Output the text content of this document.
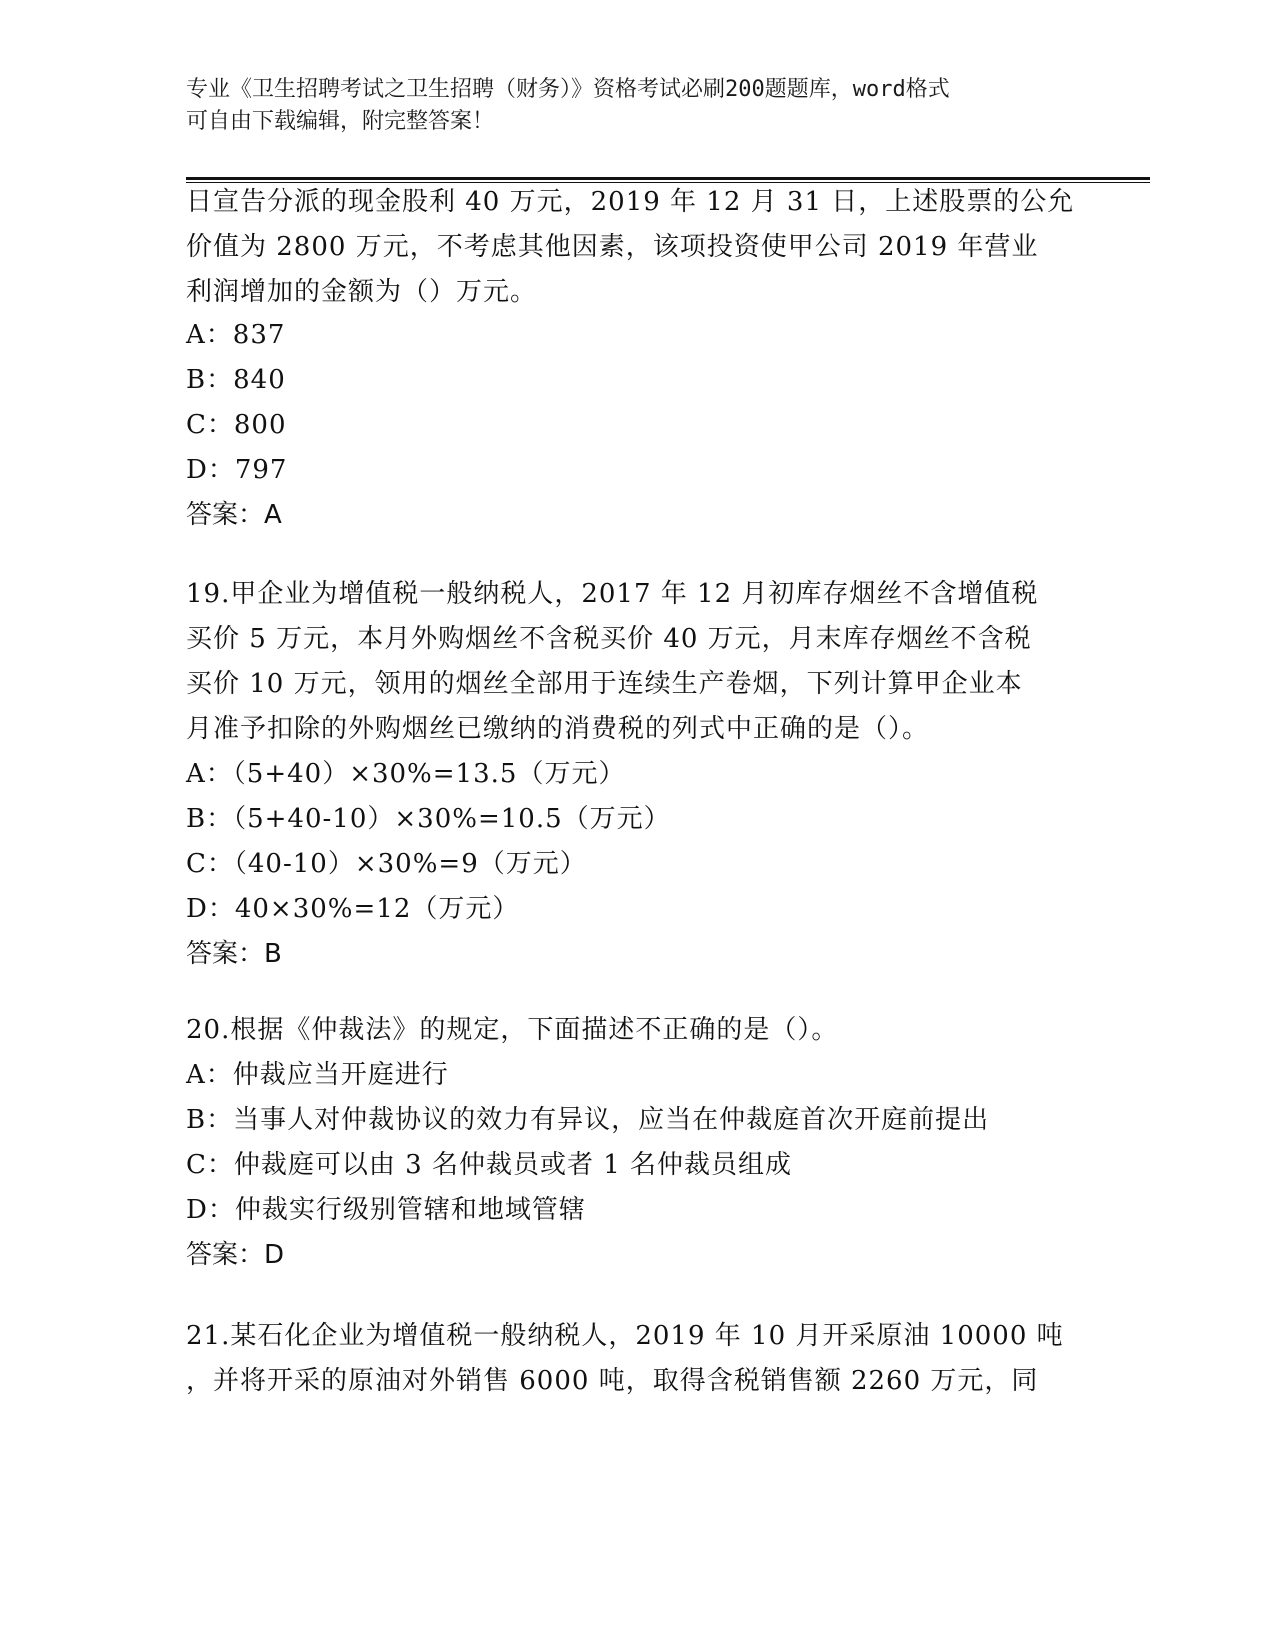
专业《卫生招聘考试之卫生招聘（财务）》资格考试必刷200题题库，word格式
可自由下载编辑，附完整答案！
日宣告分派的现金股利 40 万元，2019 年 12 月 31 日，上述股票的公允
价值为 2800 万元，不考虑其他因素，该项投资使甲公司 2019 年营业
利润增加的金额为（）万元。
A：837
B：840
C：800
D：797
答案：A
19.甲企业为增值税一般纳税人，2017 年 12 月初库存烟丝不含增值税
买价 5 万元，本月外购烟丝不含税买价 40 万元，月末库存烟丝不含税
买价 10 万元，领用的烟丝全部用于连续生产卷烟，下列计算甲企业本
月准予扣除的外购烟丝已缴纳的消费税的列式中正确的是（）。
A：（5+40）×30%=13.5（万元）
B：（5+40-10）×30%=10.5（万元）
C：（40-10）×30%=9（万元）
D：40×30%=12（万元）
答案：B
20.根据《仲裁法》的规定，下面描述不正确的是（）。
A：仲裁应当开庭进行
B：当事人对仲裁协议的效力有异议，应当在仲裁庭首次开庭前提出
C：仲裁庭可以由 3 名仲裁员或者 1 名仲裁员组成
D：仲裁实行级别管辖和地域管辖
答案：D
21.某石化企业为增值税一般纳税人，2019 年 10 月开采原油 10000 吨
，并将开采的原油对外销售 6000 吨，取得含税销售额 2260 万元，同
